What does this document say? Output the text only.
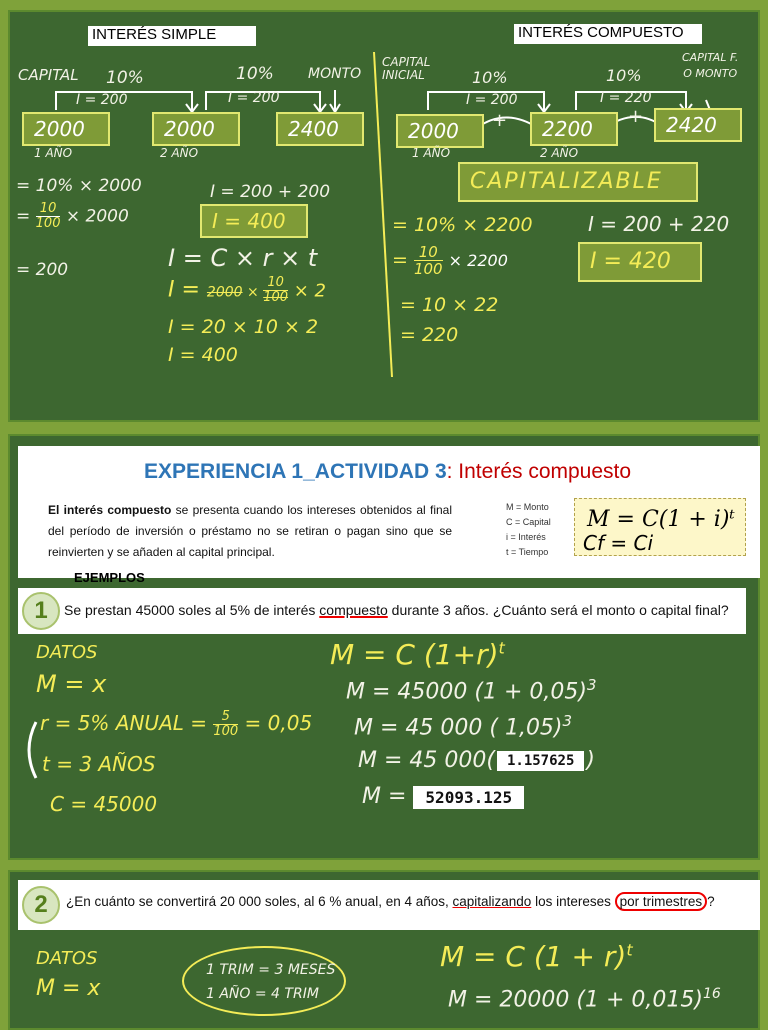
INTERÉS SIMPLE	INTERÉS COMPUESTO
CAPITAL	MONTO
10%	10%
I = 200	I = 200
2000	2000	2400
1 AÑO	2 AÑO
= 10% × 2000
= $\frac{10}{100} \times 2000$
= 200
I = 200 + 200
I = 400
I = C × r × t
$I = 2000 \times \frac{10}{100} \times 2$
I = 20 × 10 × 2
I = 400
CAPITAL
INICIAL
CAPITAL F.
O MONTO
10%	10%
I = 200	I = 220
2000	+	2200
+	2420
1 AÑO	2 AÑO
CAPITALIZABLE
= 10% × 2200
= $\frac{10}{100} \times 2200$
= 10 × 22
= 220
I = 200 + 220
I = 420
EXPERIENCIA 1_ACTIVIDAD 3: Interés compuesto
El interés compuesto se presenta cuando los intereses obtenidos al final del período de inversión o préstamo no se retiran o pagan sino que se reinvierten y se añaden al capital principal.
EJEMPLOS
M = Monto
C = Capital
i = Interés
t = Tiempo
M = C(1 + i)ᵗ
Cf = Ci
1	Se prestan 45000 soles al 5% de interés compuesto durante 3 años. ¿Cuánto será el monto o capital final?
DATOS
M = x
r = 5% ANUAL = $\frac{5}{100} = 0,05$
t = 3 AÑOS
C = 45000
M = C $(1+r)^t$
M = 45000 $(1 + 0,05)^3$
M = 45 000 ( 1,05)$^3$
M = 45 000( 1.157625 )
M = 52093.125
2	¿En cuánto se convertirá 20 000 soles, al 6 % anual, en 4 años, capitalizando los intereses por trimestres ?
DATOS
M = x
1 TRIM = 3 MESES
1 AÑO = 4 TRIM
M = C $(1 + r)^t$
M = 20000 $(1 + 0,015)^{16}$
